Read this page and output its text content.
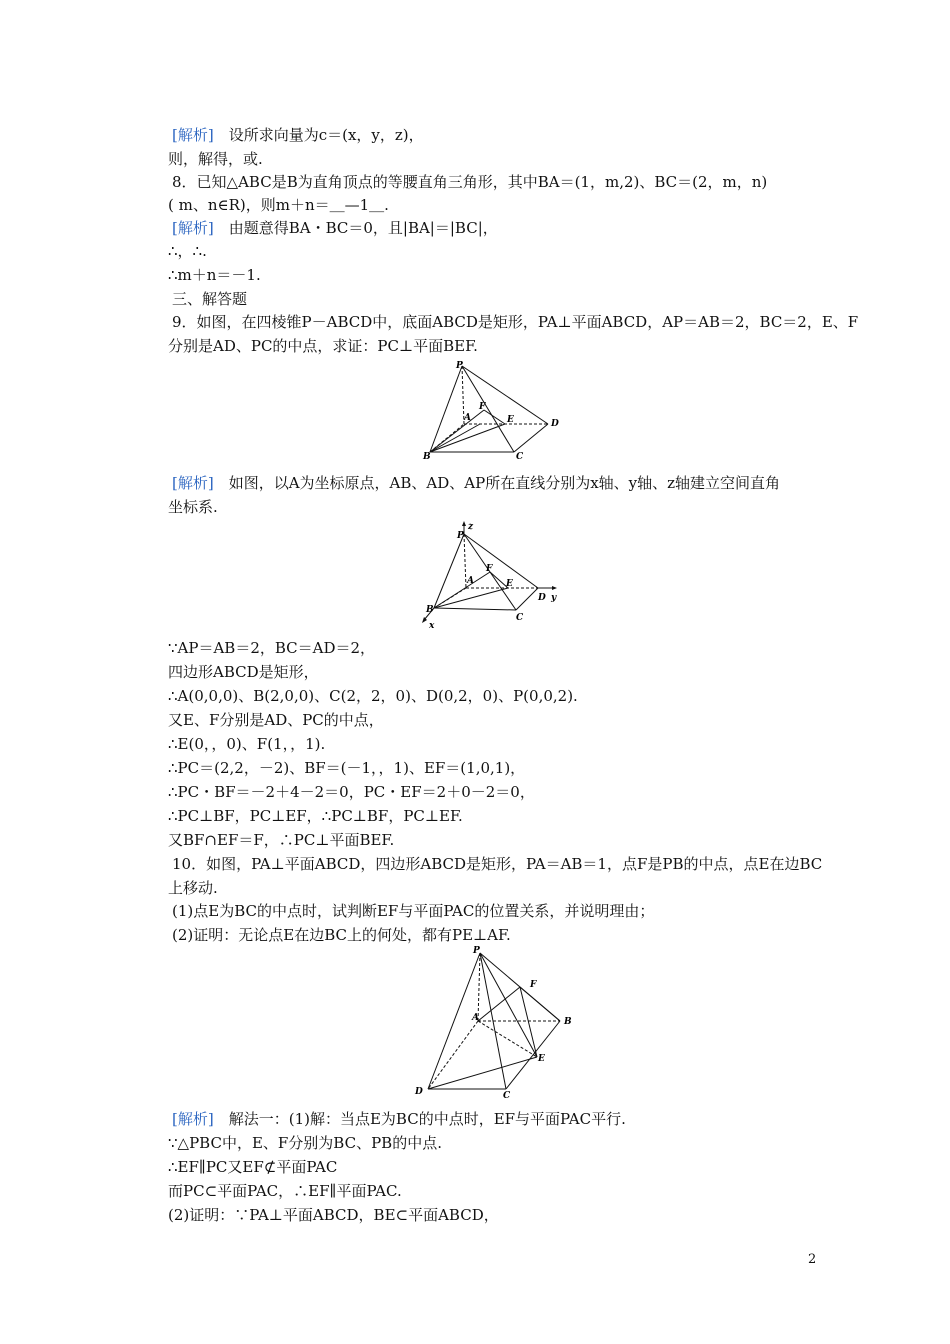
[解析]　设所求向量为c＝(x，y，z)，
则，解得，或.
8．已知△ABC是B为直角顶点的等腰直角三角形，其中BA＝(1，m,2)、BC＝(2，m，n)
( m、n∈R)，则m＋n＝＿—1＿.
[解析]　由题意得BA・BC＝0，且|BA|＝|BC|，
∴，∴.
∴m＋n＝－1.
三、解答题
9．如图，在四棱锥P－ABCD中，底面ABCD是矩形，PA⊥平面ABCD，AP＝AB＝2，BC＝2，E、F
分别是AD、PC的中点，求证：PC⊥平面BEF.
[解析]　如图，以A为坐标原点，AB、AD、AP所在直线分别为x轴、y轴、z轴建立空间直角
坐标系.
∵AP＝AB＝2，BC＝AD＝2，
四边形ABCD是矩形，
∴A(0,0,0)、B(2,0,0)、C(2，2，0)、D(0,2，0)、P(0,0,2).
又E、F分别是AD、PC的中点，
∴E(0，，0)、F(1，，1).
∴PC＝(2,2，－2)、BF＝(－1，，1)、EF＝(1,0,1)，
∴PC・BF＝－2＋4－2＝0，PC・EF＝2＋0－2＝0，
∴PC⊥BF，PC⊥EF，∴PC⊥BF，PC⊥EF.
又BF∩EF＝F，∴PC⊥平面BEF.
10．如图，PA⊥平面ABCD，四边形ABCD是矩形，PA＝AB＝1，点F是PB的中点，点E在边BC
上移动.
(1)点E为BC的中点时，试判断EF与平面PAC的位置关系，并说明理由；
(2)证明：无论点E在边BC上的何处，都有PE⊥AF.
[解析]　解法一：(1)解：当点E为BC的中点时，EF与平面PAC平行.
∵△PBC中，E、F分别为BC、PB的中点.
∴EF∥PC又EF⊄平面PAC
而PC⊂平面PAC，∴EF∥平面PAC.
(2)证明：∵PA⊥平面ABCD，BE⊂平面ABCD，
P
A
F
E	D
B	C
z
P
A
F
E
D y
B
x
C
P
F
A	B
E
D	C
2
